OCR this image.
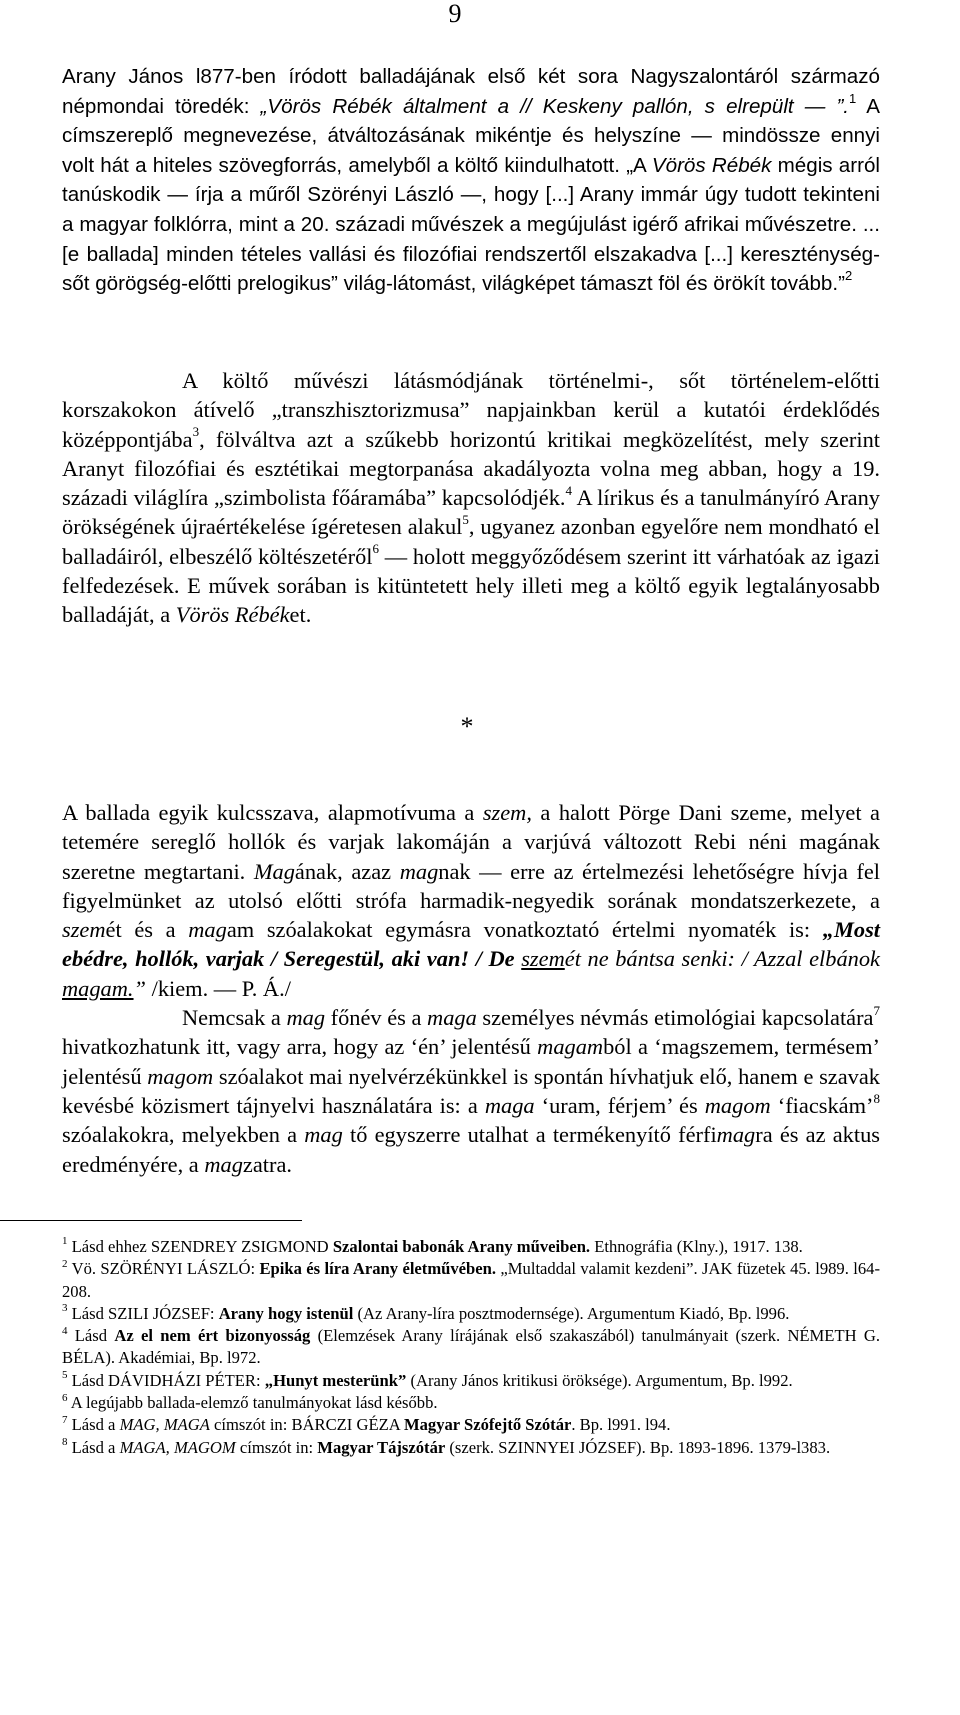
9

Arany János l877-ben íródott balladájának első két sora Nagyszalontáról származó népmondai töredék: „Vörös Rébék általment a // Keskeny pallón, s elrepült — ”.$^1$ A címszereplő megnevezése, átváltozásának mikéntje és helyszíne — mindössze ennyi volt hát a hiteles szövegforrás, amelyből a költő kiindulhatott. „A Vörös Rébék mégis arról tanúskodik — írja a műről Szörényi László —, hogy [...] Arany immár úgy tudott tekinteni a magyar folklórra, mint a 20. századi művészek a megújulást igérő afrikai művészetre. ... [e ballada] minden tételes vallási és filozófiai rendszertől elszakadva [...] kereszténység- sőt görögség-előtti prelogikus” világ-látomást, világképet támaszt föl és örökít tovább.”$^2$

A költő művészi látásmódjának történelmi-, sőt történelem-előtti korszakokon átívelő „transzhisztorizmusa” napjainkban kerül a kutatói érdeklődés középpontjába$^3$, fölváltva azt a szűkebb horizontú kritikai megközelítést, mely szerint Aranyt filozófiai és esztétikai megtorpanása akadályozta volna meg abban, hogy a 19. századi világlíra „szimbolista főáramába” kapcsolódjék.$^4$ A lírikus és a tanulmányíró Arany örökségének újraértékelése ígéretesen alakul$^5$, ugyanez azonban egyelőre nem mondható el balladáiról, elbeszélő költészetéről$^6$ — holott meggyőződésem szerint itt várhatóak az igazi felfedezések. E művek sorában is kitüntetett hely illeti meg a költő egyik legtalányosabb balladáját, a Vörös Rébéket.

*

A ballada egyik kulcsszava, alapmotívuma a szem, a halott Pörge Dani szeme, melyet a tetemére sereglő hollók és varjak lakomáján a varjúvá változott Rebi néni magának szeretne megtartani. Magának, azaz magnak — erre az értelmezési lehetőségre hívja fel figyelmünket az utolsó előtti strófa harmadik-negyedik sorának mondatszerkezete, a szemét és a magam szóalakokat egymásra vonatkoztató értelmi nyomaték is: „Most ebédre, hollók, varjak / Seregestül, aki van! / De szemét ne bántsa senki: / Azzal elbánok magam.” /kiem. — P. Á./

Nemcsak a mag főnév és a maga személyes névmás etimológiai kapcsolatára$^7$ hivatkozhatunk itt, vagy arra, hogy az ‘én’ jelentésű magamból a ‘magszemem, termésem’ jelentésű magom szóalakot mai nyelvérzékünkkel is spontán hívhatjuk elő, hanem e szavak kevésbé közismert tájnyelvi használatára is: a maga ‘uram, férjem’ és magom ‘fiacskám’$^8$ szóalakokra, melyekben a mag tő egyszerre utalhat a termékenyítő férfimagra és az aktus eredményére, a magzatra.

$^1$ Lásd ehhez SZENDREY ZSIGMOND Szalontai babonák Arany műveiben. Ethnográfia (Klny.), 1917. 138.

$^2$ Vö. SZÖRÉNYI LÁSZLÓ: Epika és líra Arany életművében. „Multaddal valamit kezdeni”. JAK füzetek 45. l989. l64-208.

$^3$ Lásd SZILI JÓZSEF: Arany hogy istenül (Az Arany-líra posztmodernsége). Argumentum Kiadó, Bp. l996.

$^4$ Lásd Az el nem ért bizonyosság (Elemzések Arany lírájának első szakaszából) tanulmányait (szerk. NÉMETH G. BÉLA). Akadémiai, Bp. l972.

$^5$ Lásd DÁVIDHÁZI PÉTER: „Hunyt mesterünk” (Arany János kritikusi öröksége). Argumentum, Bp. l992.

$^6$ A legújabb ballada-elemző tanulmányokat lásd később.

$^7$ Lásd a MAG, MAGA címszót in: BÁRCZI GÉZA Magyar Szófejtő Szótár. Bp. l991. l94.

$^8$ Lásd a MAGA, MAGOM címszót in: Magyar Tájszótár (szerk. SZINNYEI JÓZSEF). Bp. 1893-1896. 1379-l383.
